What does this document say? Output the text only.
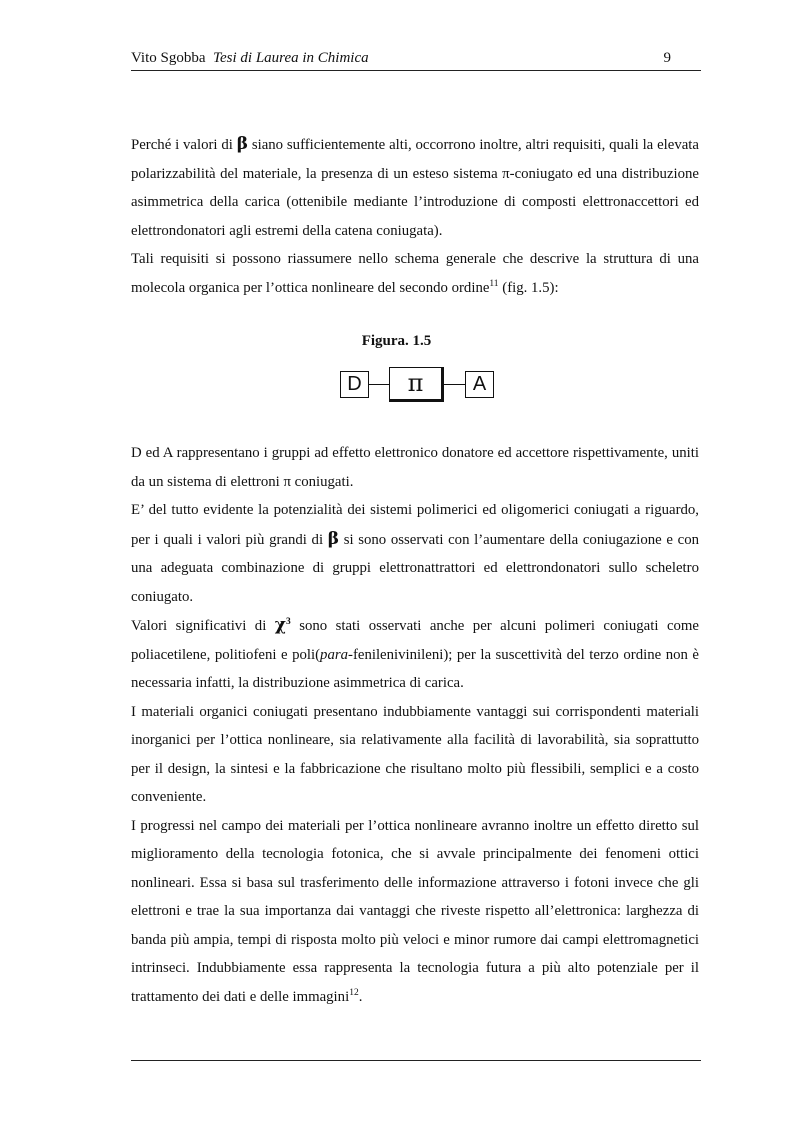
Vito Sgobba Tesi di Laurea in Chimica	9

Perché i valori di β siano sufficientemente alti, occorrono inoltre, altri requisiti, quali la elevata polarizzabilità del materiale, la presenza di un esteso sistema π-coniugato ed una distribuzione asimmetrica della carica (ottenibile mediante l’introduzione di composti elettronaccettori ed elettrondonatori agli estremi della catena coniugata).

Tali requisiti si possono riassumere nello schema generale che descrive la struttura di una molecola organica per l’ottica nonlineare del secondo ordine$^{11}$ (fig. 1.5):

Figura. 1.5
D	π	A

D ed A rappresentano i gruppi ad effetto elettronico donatore ed accettore rispettivamente, uniti da un sistema di elettroni π coniugati.

E’ del tutto evidente la potenzialità dei sistemi polimerici ed oligomerici coniugati a riguardo, per i quali i valori più grandi di β si sono osservati con l’aumentare della coniugazione e con una adeguata combinazione di gruppi elettronattrattori ed elettrondonatori sullo scheletro coniugato.

Valori significativi di $\chi^3$ sono stati osservati anche per alcuni polimeri coniugati come poliacetilene, politiofeni e poli(para-fenilenivinileni); per la suscettività del terzo ordine non è necessaria infatti, la distribuzione asimmetrica di carica.

I materiali organici coniugati presentano indubbiamente vantaggi sui corrispondenti materiali inorganici per l’ottica nonlineare, sia relativamente alla facilità di lavorabilità, sia soprattutto per il design, la sintesi e la fabbricazione che risultano molto più flessibili, semplici e a costo conveniente.

I progressi nel campo dei materiali per l’ottica nonlineare avranno inoltre un effetto diretto sul miglioramento della tecnologia fotonica, che si avvale principalmente dei fenomeni ottici nonlineari. Essa si basa sul trasferimento delle informazione attraverso i fotoni invece che gli elettroni e trae la sua importanza dai vantaggi che riveste rispetto all’elettronica: larghezza di banda più ampia, tempi di risposta molto più veloci e minor rumore dai campi elettromagnetici intrinseci. Indubbiamente essa rappresenta la tecnologia futura a più alto potenziale per il trattamento dei dati e delle immagini$^{12}$.
